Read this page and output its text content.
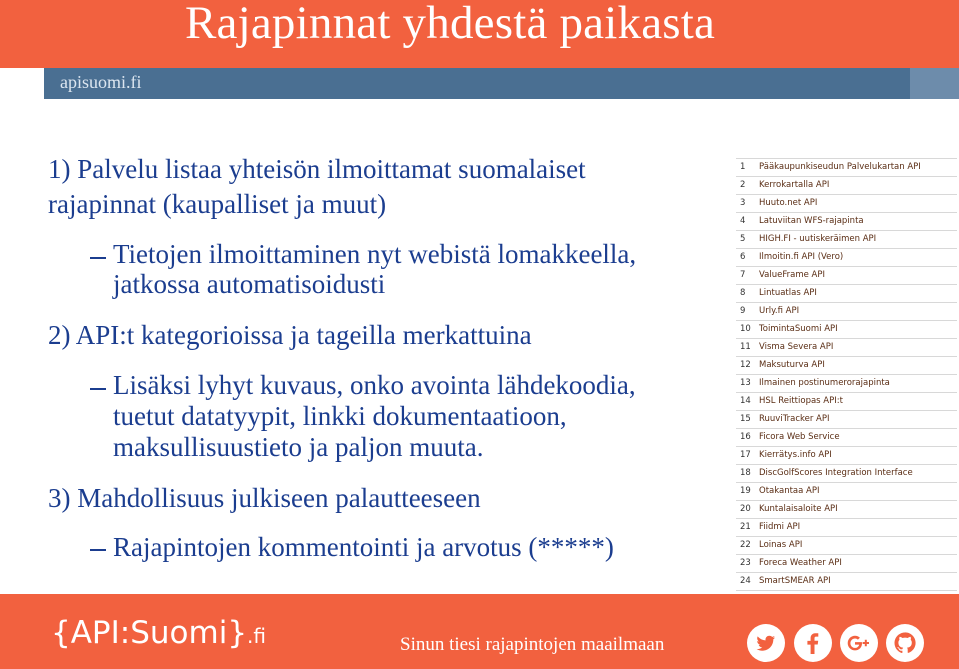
Rajapinnat yhdestä paikasta
apisuomi.fi
1) Palvelu listaa yhteisön ilmoittamat suomalaiset
rajapinnat (kaupalliset ja muut)
Tietojen ilmoittaminen nyt webistä lomakkeella,
jatkossa automatisoidusti
2) API:t kategorioissa ja tageilla merkattuina
Lisäksi lyhyt kuvaus, onko avointa lähdekoodia,
tuetut datatyypit, linkki dokumentaatioon,
maksullisuustieto ja paljon muuta.
3) Mahdollisuus julkiseen palautteeseen
Rajapintojen kommentointi ja arvotus (*****)
1 Pääkaupunkiseudun Palvelukartan API
2 Kerrokartalla API
3 Huuto.net API
4 Latuviitan WFS-rajapinta
5 HIGH.FI - uutiskeräimen API
6 Ilmoitin.fi API (Vero)
7 ValueFrame API
8 Lintuatlas API
9 Urly.fi API
10 ToimintaSuomi API
11 Visma Severa API
12 Maksuturva API
13 Ilmainen postinumerorajapinta
14 HSL Reittiopas API:t
15 RuuviTracker API
16 Ficora Web Service
17 Kierrätys.info API
18 DiscGolfScores Integration Interface
19 Otakantaa API
20 Kuntalaisaloite API
21 Fiidmi API
22 Loinas API
23 Foreca Weather API
24 SmartSMEAR API
{API:Suomi}.fi	Sinun tiesi rajapintojen maailmaan
